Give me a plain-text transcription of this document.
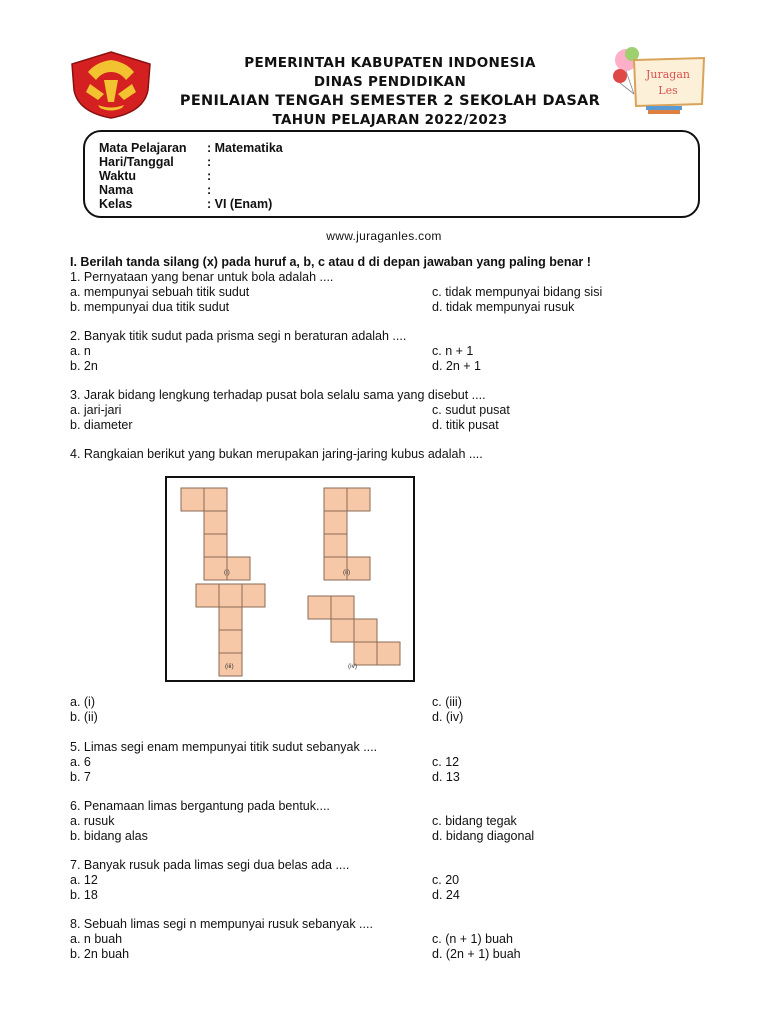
PEMERINTAH KABUPATEN INDONESIA
DINAS PENDIDIKAN
PENILAIAN TENGAH SEMESTER 2 SEKOLAH DASAR
TAHUN PELAJARAN 2022/2023
Juragan
Les
Mata Pelajaran : Matematika
Hari/Tanggal	:
Waktu	:
Nama	:
Kelas	: VI (Enam)
www.juraganles.com
I. Berilah tanda silang (x) pada huruf a, b, c atau d di depan jawaban yang paling benar !
1. Pernyataan yang benar untuk bola adalah ....
a. mempunyai sebuah titik sudut
b. mempunyai dua titik sudut
c. tidak mempunyai bidang sisi
d. tidak mempunyai rusuk
2. Banyak titik sudut pada prisma segi n beraturan adalah ....
a. n
b. 2n
c. n + 1
d. 2n + 1
3. Jarak bidang lengkung terhadap pusat bola selalu sama yang disebut ....
a. jari-jari
b. diameter
c. sudut pusat
d. titik pusat
4. Rangkaian berikut yang bukan merupakan jaring-jaring kubus adalah ....
(i)	(ii)
(iii)	(iv)
a. (i)
b. (ii)
c. (iii)
d. (iv)
5. Limas segi enam mempunyai titik sudut sebanyak ....
a. 6
b. 7
c. 12
d. 13
6. Penamaan limas bergantung pada bentuk....
a. rusuk
b. bidang alas
c. bidang tegak
d. bidang diagonal
7. Banyak rusuk pada limas segi dua belas ada ....
a. 12
b. 18
c. 20
d. 24
8. Sebuah limas segi n mempunyai rusuk sebanyak ....
a. n buah
b. 2n buah
c. (n + 1) buah
d. (2n + 1) buah
